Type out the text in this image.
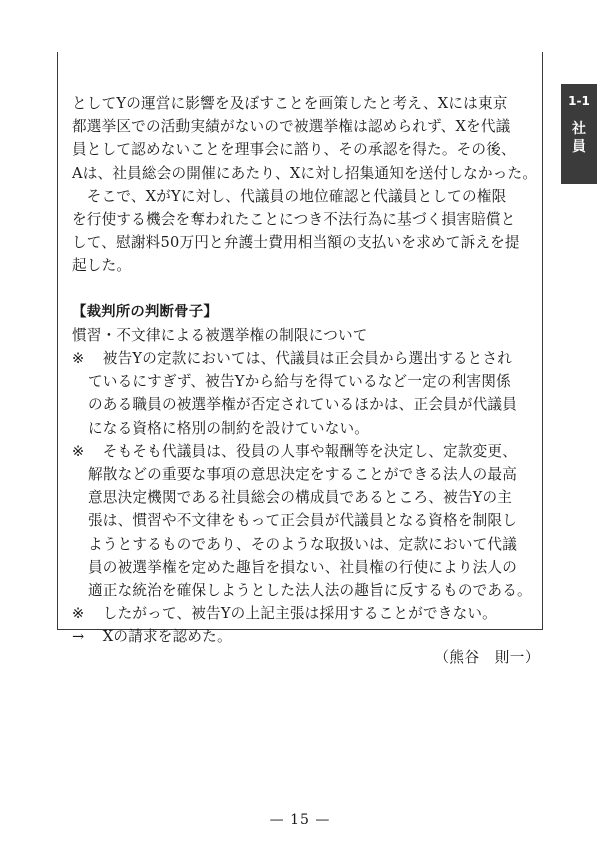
1-1
社員
としてYの運営に影響を及ぼすことを画策したと考え、Xには東京
都選挙区での活動実績がないので被選挙権は認められず、Xを代議
員として認めないことを理事会に諮り、その承認を得た。その後、
Aは、社員総会の開催にあたり、Xに対し招集通知を送付しなかった。
　そこで、XがYに対し、代議員の地位確認と代議員としての権限
を行使する機会を奪われたことにつき不法行為に基づく損害賠償と
して、慰謝料50万円と弁護士費用相当額の支払いを求めて訴えを提
起した。
【裁判所の判断骨子】
慣習・不文律による被選挙権の制限について
※ 　被告Yの定款においては、代議員は正会員から選出するとされ
ているにすぎず、被告Yから給与を得ているなど一定の利害関係
のある職員の被選挙権が否定されているほかは、正会員が代議員
になる資格に格別の制約を設けていない。
※ 　そもそも代議員は、役員の人事や報酬等を決定し、定款変更、
解散などの重要な事項の意思決定をすることができる法人の最高
意思決定機関である社員総会の構成員であるところ、被告Yの主
張は、慣習や不文律をもって正会員が代議員となる資格を制限し
ようとするものであり、そのような取扱いは、定款において代議
員の被選挙権を定めた趣旨を損ない、社員権の行使により法人の
適正な統治を確保しようとした法人法の趣旨に反するものである。
※ 　したがって、被告Yの上記主張は採用することができない。
→ 　Xの請求を認めた。
（熊谷　則一）
— 15 —
